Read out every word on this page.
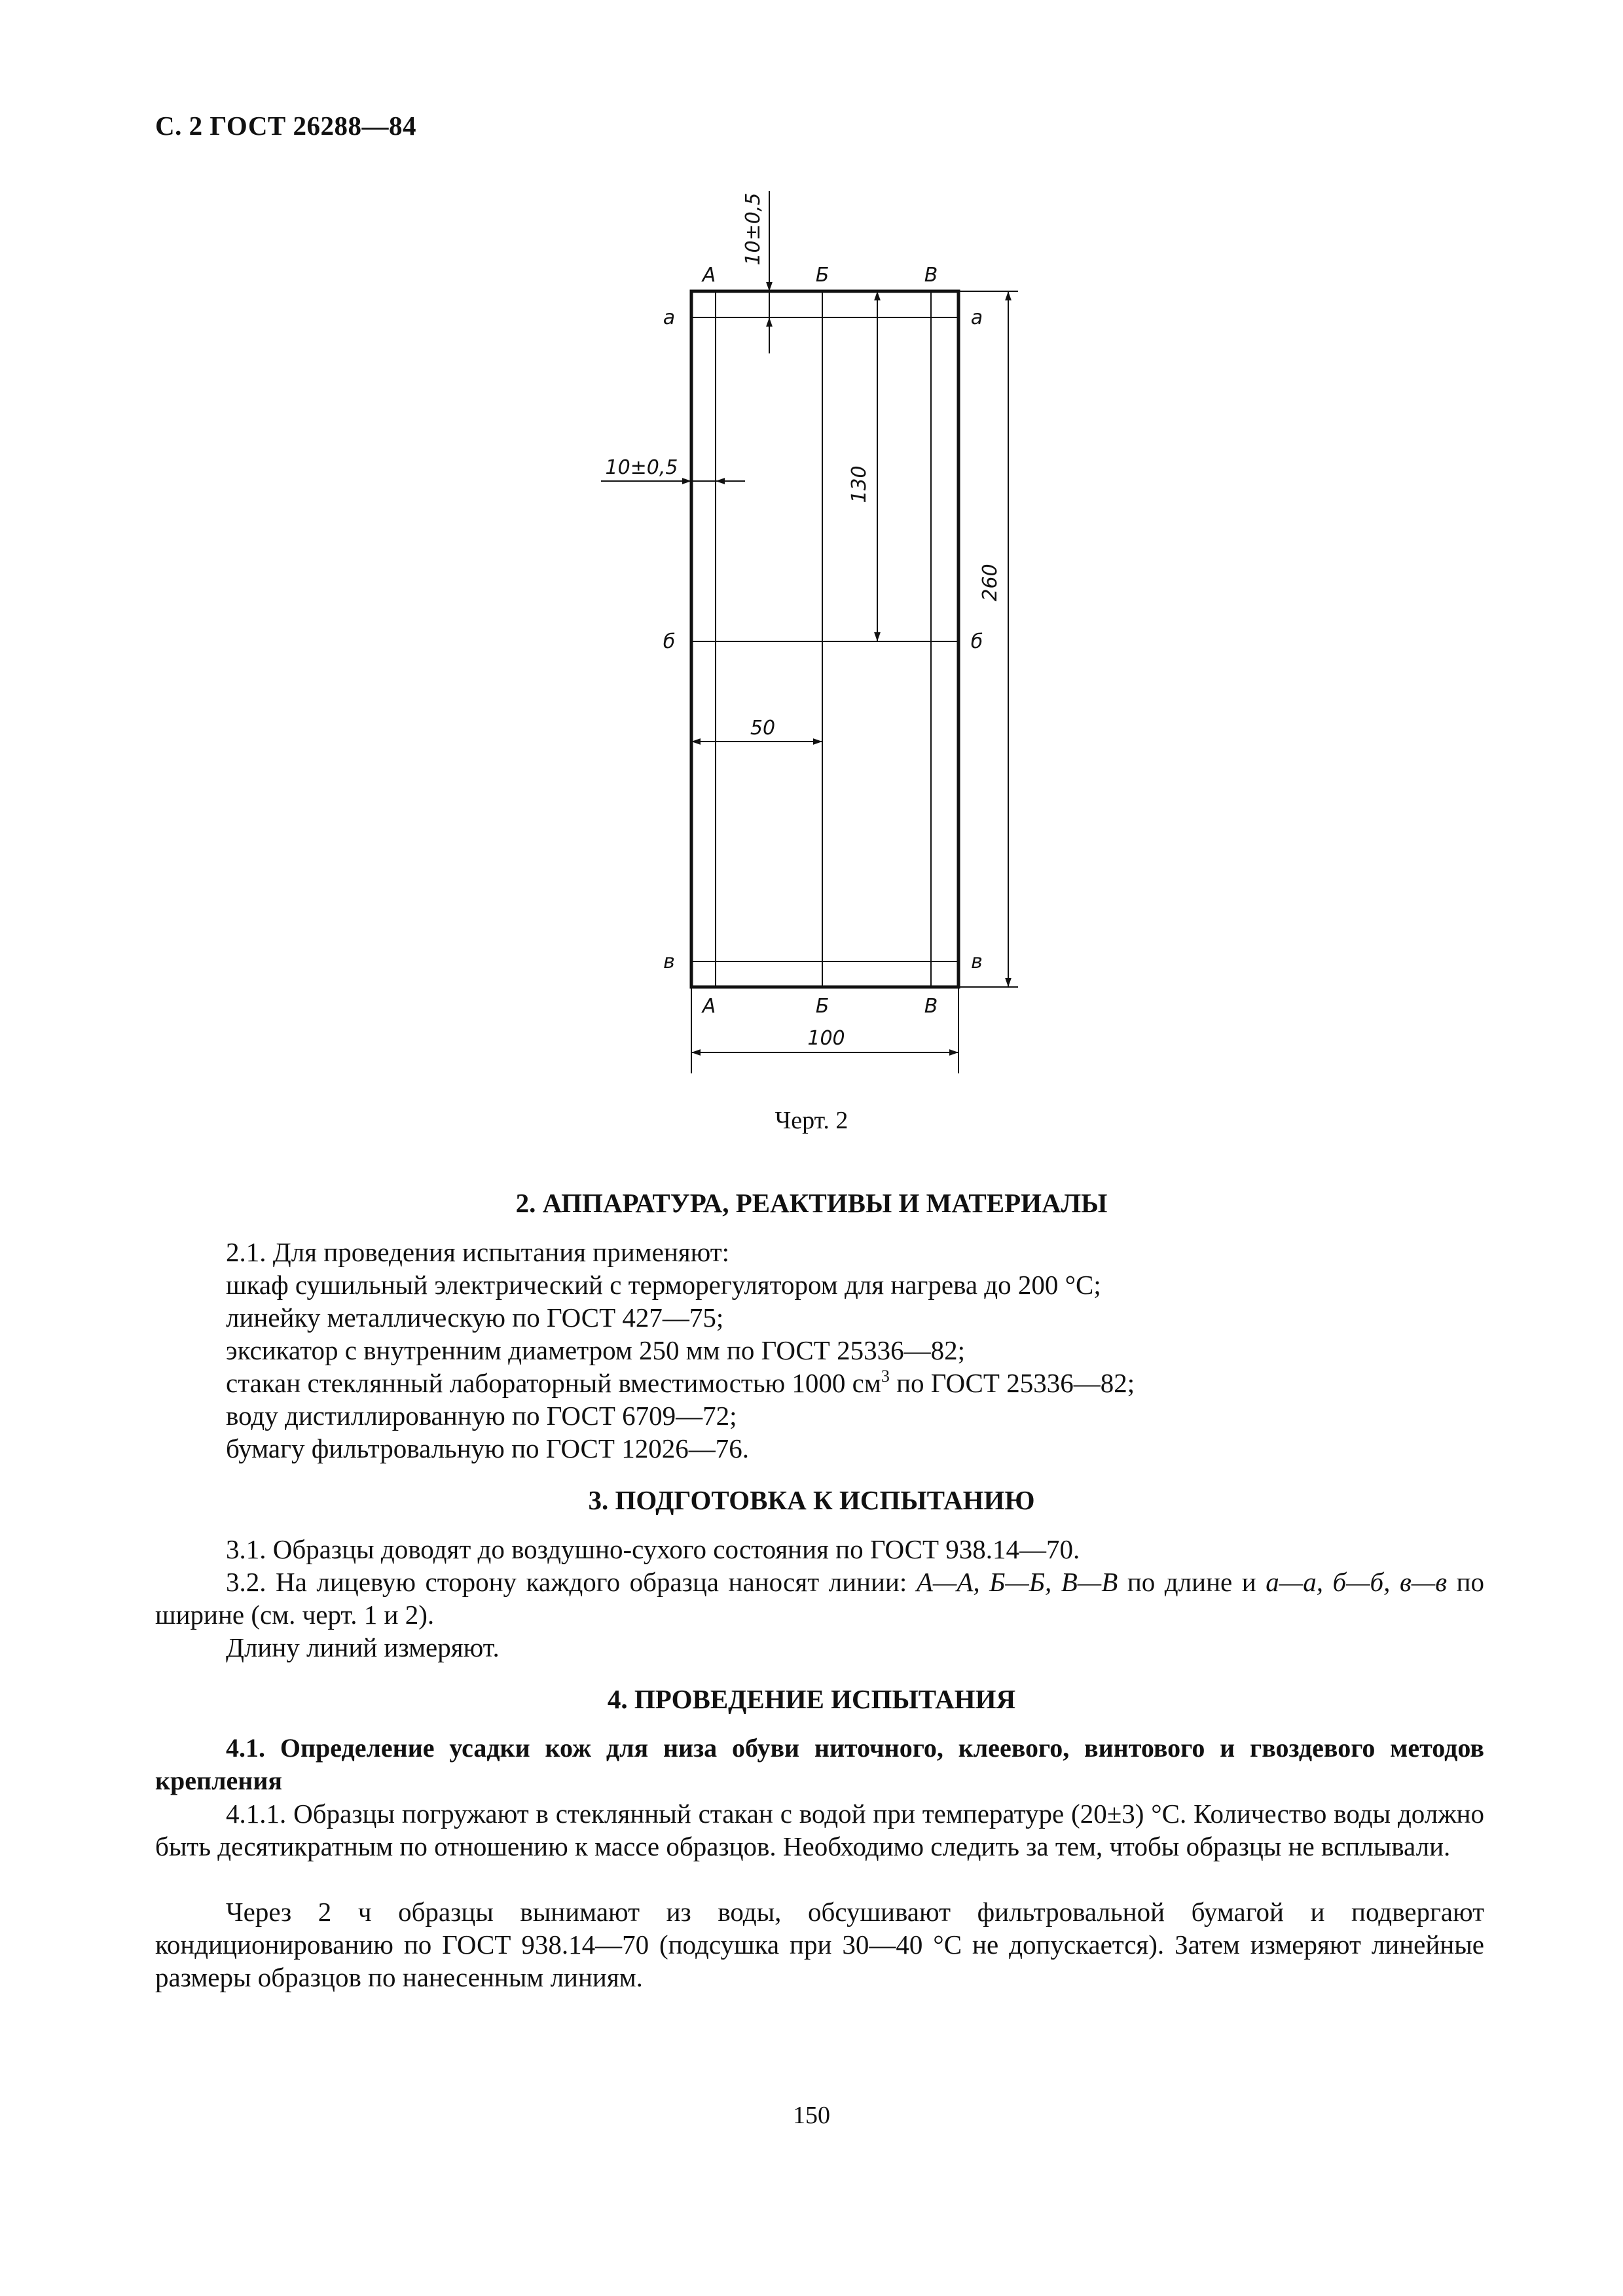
С. 2 ГОСТ 26288—84
А	Б	В
А	Б	В
а	а
б	б
в	в
10±0,5
10±0,5	130
260
50
100
Черт. 2
2. АППАРАТУРА, РЕАКТИВЫ И МАТЕРИАЛЫ
2.1. Для проведения испытания применяют:
шкаф сушильный электрический с терморегулятором для нагрева до 200 °С;
линейку металлическую по ГОСТ 427—75;
эксикатор с внутренним диаметром 250 мм по ГОСТ 25336—82;
стакан стеклянный лабораторный вместимостью 1000 $см^3$ по ГОСТ 25336—82;
воду дистиллированную по ГОСТ 6709—72;
бумагу фильтровальную по ГОСТ 12026—76.
3. ПОДГОТОВКА К ИСПЫТАНИЮ
3.1. Образцы доводят до воздушно-сухого состояния по ГОСТ 938.14—70.
3.2. На лицевую сторону каждого образца наносят линии: А—А, Б—Б, В—В по длине и а—а, б—б, в—в по ширине (см. черт. 1 и 2).
Длину линий измеряют.
4. ПРОВЕДЕНИЕ ИСПЫТАНИЯ
4.1. Определение усадки кож для низа обуви ниточного, клеевого, винтового и гвоздевого методов крепления
4.1.1. Образцы погружают в стеклянный стакан с водой при температуре (20±3) °С. Количество воды должно быть десятикратным по отношению к массе образцов. Необходимо следить за тем, чтобы образцы не всплывали.
Через 2 ч образцы вынимают из воды, обсушивают фильтровальной бумагой и подвергают кондиционированию по ГОСТ 938.14—70 (подсушка при 30—40 °С не допускается). Затем измеряют линейные размеры образцов по нанесенным линиям.
150
